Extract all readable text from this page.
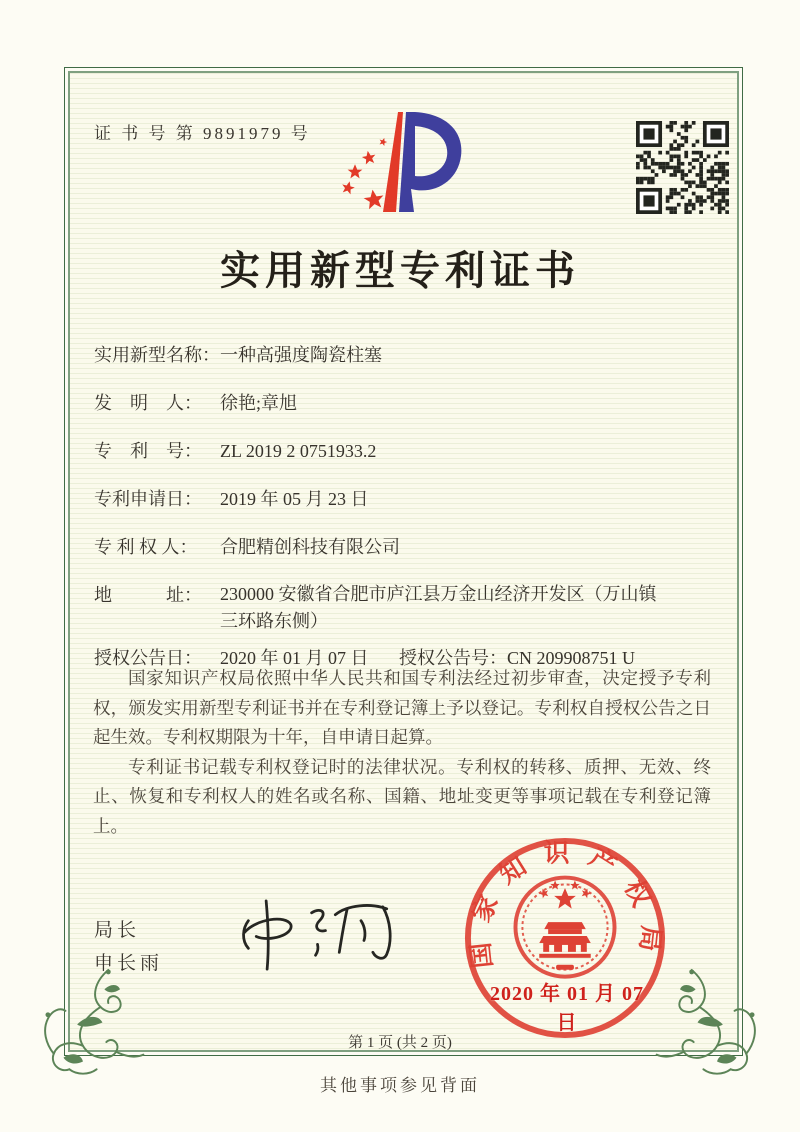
证 书 号 第 9891979 号
实用新型专利证书
实用新型名称： 一种高强度陶瓷柱塞
发　明　人：	徐艳;章旭
专　利　号：	ZL 2019 2 0751933.2
专利申请日：	2019 年 05 月 23 日
专 利 权 人：	合肥精创科技有限公司
地　　　址：	230000 安徽省合肥市庐江县万金山经济开发区（万山镇三环路东侧）
授权公告日：	2020 年 01 月 07 日 授权公告号： CN 209908751 U

国家知识产权局依照中华人民共和国专利法经过初步审查，决定授予专利权，颁发实用新型专利证书并在专利登记簿上予以登记。专利权自授权公告之日起生效。专利权期限为十年，自申请日起算。

专利证书记载专利权登记时的法律状况。专利权的转移、质押、无效、终止、恢复和专利权人的姓名或名称、国籍、地址变更等事项记载在专利登记簿上。

局长
申长雨	国家知识产权局
2020 年 01 月 07 日
第 1 页 (共 2 页)
其他事项参见背面
